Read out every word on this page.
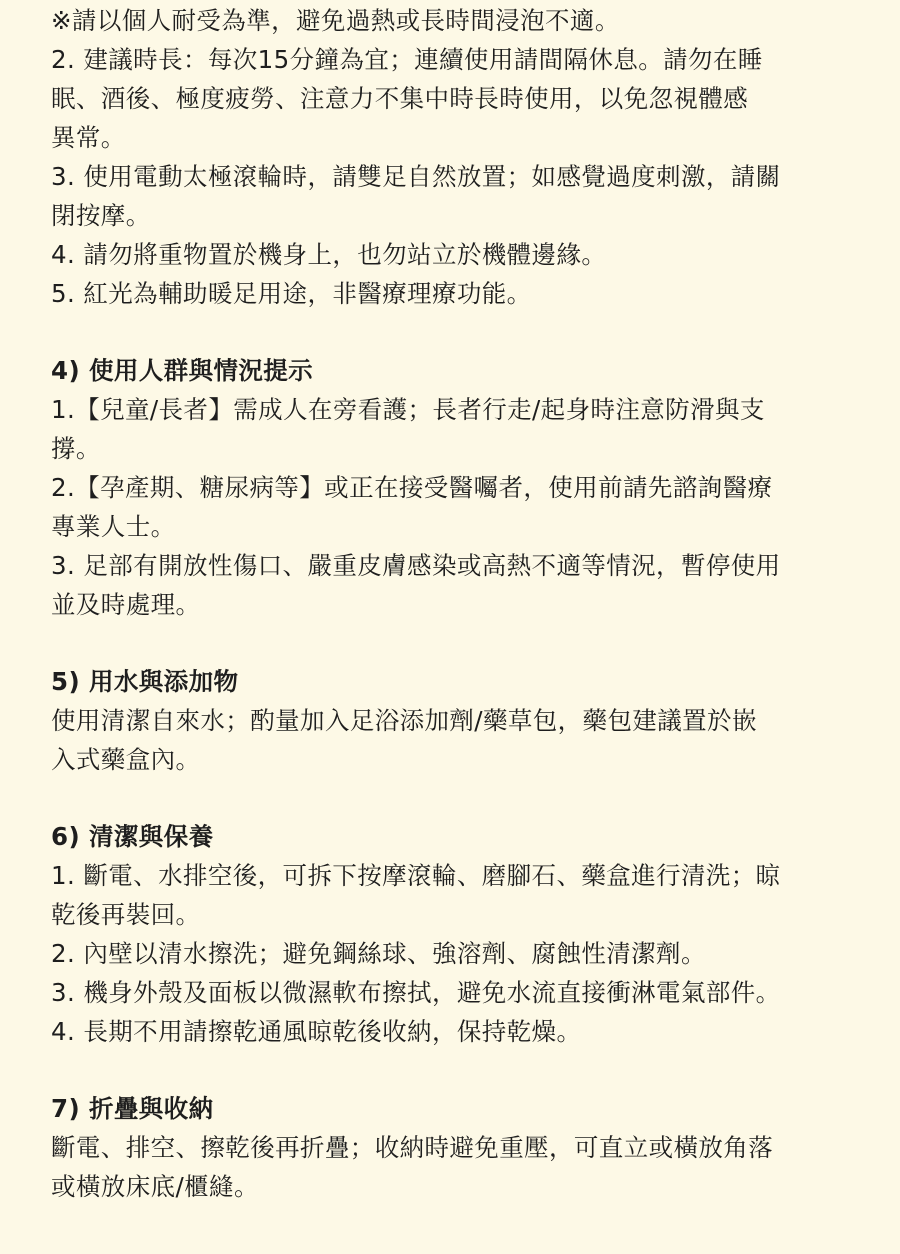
※請以個人耐受為準，避免過熱或長時間浸泡不適。
2. 建議時長：每次15分鐘為宜；連續使用請間隔休息。請勿在睡
眠、酒後、極度疲勞、注意力不集中時長時使用，以免忽視體感
異常。
3. 使用電動太極滾輪時，請雙足自然放置；如感覺過度刺激，請關
閉按摩。
4. 請勿將重物置於機身上，也勿站立於機體邊緣。
5. 紅光為輔助暖足用途，非醫療理療功能。
4) 使用人群與情況提示
1.【兒童/長者】需成人在旁看護；長者行走/起身時注意防滑與支
撐。
2.【孕產期、糖尿病等】或正在接受醫囑者，使用前請先諮詢醫療
專業人士。
3. 足部有開放性傷口、嚴重皮膚感染或高熱不適等情況，暫停使用
並及時處理。
5) 用水與添加物
使用清潔自來水；酌量加入足浴添加劑/藥草包，藥包建議置於嵌
入式藥盒內。
6) 清潔與保養
1. 斷電、水排空後，可拆下按摩滾輪、磨腳石、藥盒進行清洗；晾
乾後再裝回。
2. 內壁以清水擦洗；避免鋼絲球、強溶劑、腐蝕性清潔劑。
3. 機身外殼及面板以微濕軟布擦拭，避免水流直接衝淋電氣部件。
4. 長期不用請擦乾通風晾乾後收納，保持乾燥。
7) 折疊與收納
斷電、排空、擦乾後再折疊；收納時避免重壓，可直立或橫放角落
或橫放床底/櫃縫。
